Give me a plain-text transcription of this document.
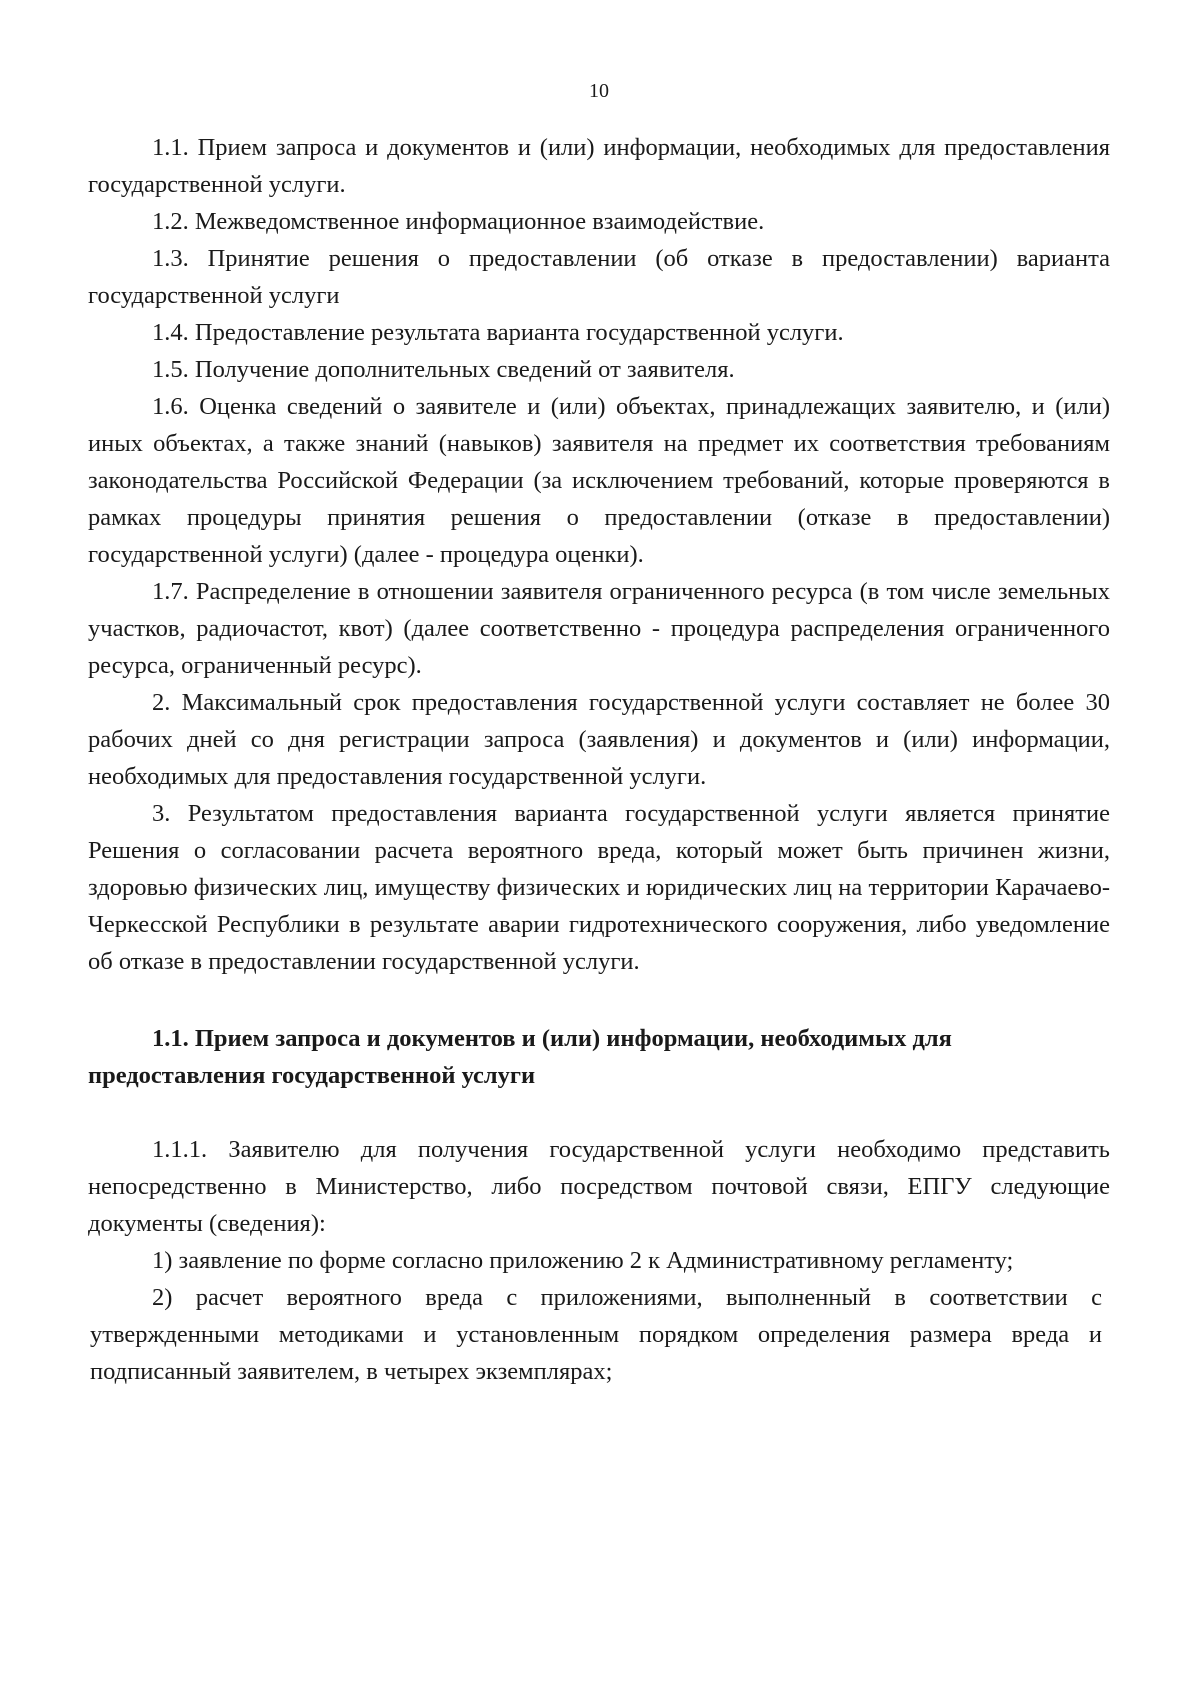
10

1.1. Прием запроса и документов и (или) информации, необходимых для предоставления государственной услуги.

1.2. Межведомственное информационное взаимодействие.

1.3. Принятие решения о предоставлении (об отказе в предоставлении) варианта государственной услуги

1.4. Предоставление результата варианта государственной услуги.

1.5. Получение дополнительных сведений от заявителя.

1.6. Оценка сведений о заявителе и (или) объектах, принадлежащих заявителю, и (или) иных объектах, а также знаний (навыков) заявителя на предмет их соответствия требованиям законодательства Российской Федерации (за исключением требований, которые проверяются в рамках процедуры принятия решения о предоставлении (отказе в предоставлении) государственной услуги) (далее - процедура оценки).

1.7. Распределение в отношении заявителя ограниченного ресурса (в том числе земельных участков, радиочастот, квот) (далее соответственно - процедура распределения ограниченного ресурса, ограниченный ресурс).

2. Максимальный срок предоставления государственной услуги составляет не более 30 рабочих дней со дня регистрации запроса (заявления) и документов и (или) информации, необходимых для предоставления государственной услуги.

3. Результатом предоставления варианта государственной услуги является принятие Решения о согласовании расчета вероятного вреда, который может быть причинен жизни, здоровью физических лиц, имуществу физических и юридических лиц на территории Карачаево-Черкесской Республики в результате аварии гидротехнического сооружения, либо уведомление об отказе в предоставлении государственной услуги.

1.1. Прием запроса и документов и (или) информации, необходимых для предоставления государственной услуги

1.1.1. Заявителю для получения государственной услуги необходимо представить непосредственно в Министерство, либо посредством почтовой связи, ЕПГУ следующие документы (сведения):

1) заявление по форме согласно приложению 2 к Административному регламенту;

2) расчет вероятного вреда с приложениями, выполненный в соответствии с утвержденными методиками и установленным порядком определения размера вреда и подписанный заявителем, в четырех экземплярах;
